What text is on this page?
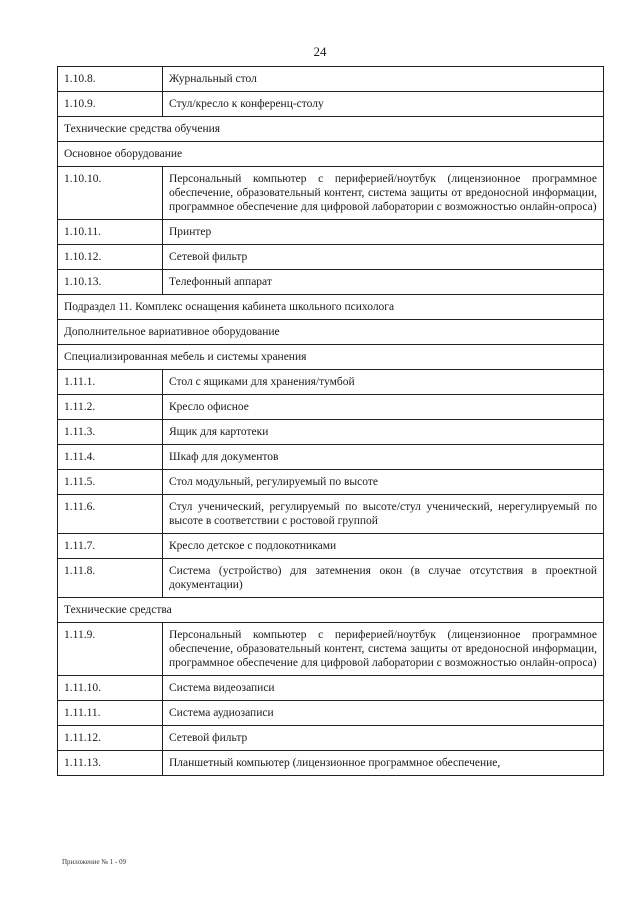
24
1.10.8.	Журнальный стол
1.10.9.	Стул/кресло к конференц-столу
Технические средства обучения	
Основное оборудование	
1.10.10.	Персональный компьютер с периферией/ноутбук (лицензионное программное обеспечение, образовательный контент, система защиты от вредоносной информации, программное обеспечение для цифровой лаборатории с возможностью онлайн-опроса)
1.10.11.	Принтер
1.10.12.	Сетевой фильтр
1.10.13.	Телефонный аппарат
Подраздел 11. Комплекс оснащения кабинета школьного психолога	
Дополнительное вариативное оборудование	
Специализированная мебель и системы хранения	
1.11.1.	Стол с ящиками для хранения/тумбой
1.11.2.	Кресло офисное
1.11.3.	Ящик для картотеки
1.11.4.	Шкаф для документов
1.11.5.	Стол модульный, регулируемый по высоте
1.11.6.	Стул ученический, регулируемый по высоте/стул ученический, нерегулируемый по высоте в соответствии с ростовой группой
1.11.7.	Кресло детское с подлокотниками
1.11.8.	Система (устройство) для затемнения окон (в случае отсутствия в проектной документации)
Технические средства	
1.11.9.	Персональный компьютер с периферией/ноутбук (лицензионное программное обеспечение, образовательный контент, система защиты от вредоносной информации, программное обеспечение для цифровой лаборатории с возможностью онлайн-опроса)
1.11.10.	Система видеозаписи
1.11.11.	Система аудиозаписи
1.11.12.	Сетевой фильтр
1.11.13.	Планшетный компьютер (лицензионное программное обеспечение,
Приложение № 1 - 09
